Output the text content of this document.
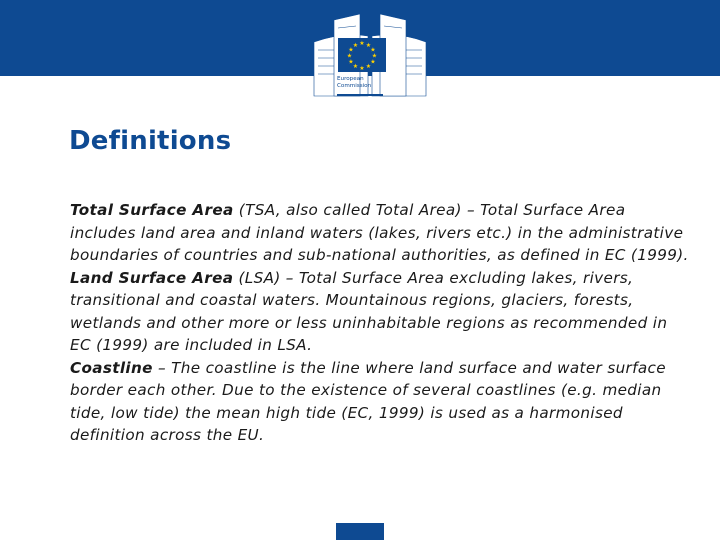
★ ★
★
★
★
★
★
★
★
★
★
★
European
Commission
Definitions

Total Surface Area (TSA, also called Total Area) – Total Surface Area includes land area and inland waters (lakes, rivers etc.) in the administrative boundaries of countries and sub-national authorities, as defined in EC (1999).

Land Surface Area (LSA) – Total Surface Area excluding lakes, rivers, transitional and coastal waters. Mountainous regions, glaciers, forests, wetlands and other more or less uninhabitable regions as recommended in EC (1999) are included in LSA.

Coastline – The coastline is the line where land surface and water surface border each other. Due to the existence of several coastlines (e.g. median tide, low tide) the mean high tide (EC, 1999) is used as a harmonised definition across the EU.
